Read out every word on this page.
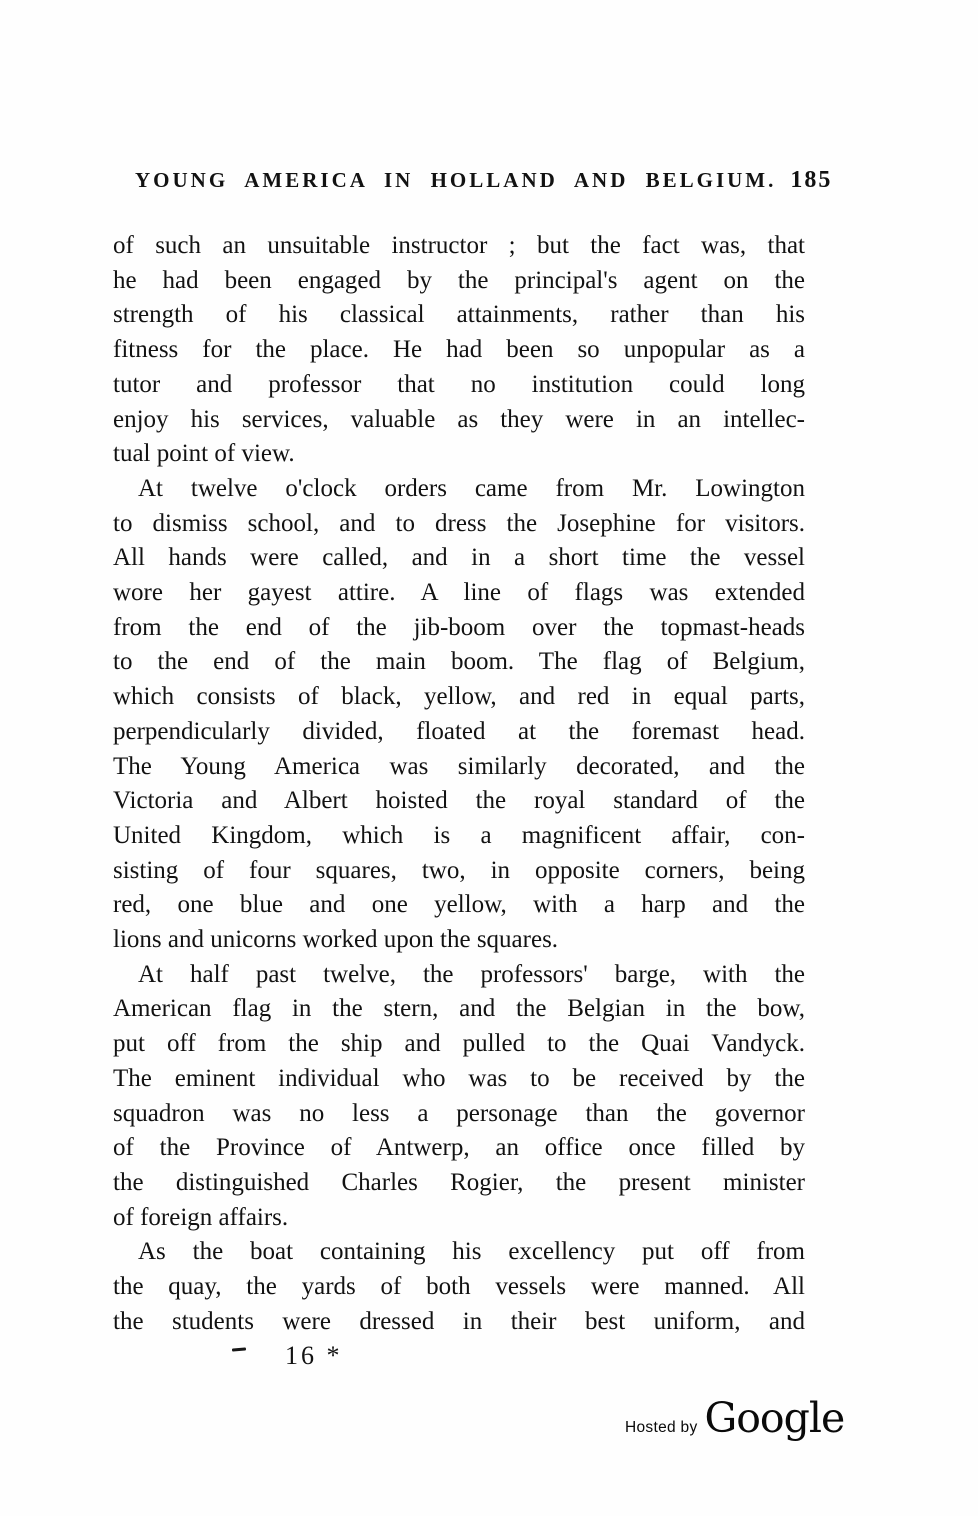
YOUNG AMERICA IN HOLLAND AND BELGIUM. 185
of such an unsuitable instructor ; but the fact was, that
he had been engaged by the principal's agent on the
strength of his classical attainments, rather than his
fitness for the place. He had been so unpopular as a
tutor and professor that no institution could long
enjoy his services, valuable as they were in an intellec-
tual point of view.
At twelve o'clock orders came from Mr. Lowington
to dismiss school, and to dress the Josephine for visitors.
All hands were called, and in a short time the vessel
wore her gayest attire. A line of flags was extended
from the end of the jib-boom over the topmast-heads
to the end of the main boom. The flag of Belgium,
which consists of black, yellow, and red in equal parts,
perpendicularly divided, floated at the foremast head.
The Young America was similarly decorated, and the
Victoria and Albert hoisted the royal standard of the
United Kingdom, which is a magnificent affair, con-
sisting of four squares, two, in opposite corners, being
red, one blue and one yellow, with a harp and the
lions and unicorns worked upon the squares.
At half past twelve, the professors' barge, with the
American flag in the stern, and the Belgian in the bow,
put off from the ship and pulled to the Quai Vandyck.
The eminent individual who was to be received by the
squadron was no less a personage than the governor
of the Province of Antwerp, an office once filled by
the distinguished Charles Rogier, the present minister
of foreign affairs.
As the boat containing his excellency put off from
the quay, the yards of both vessels were manned. All
the students were dressed in their best uniform, and
16 *
Hosted by Google
